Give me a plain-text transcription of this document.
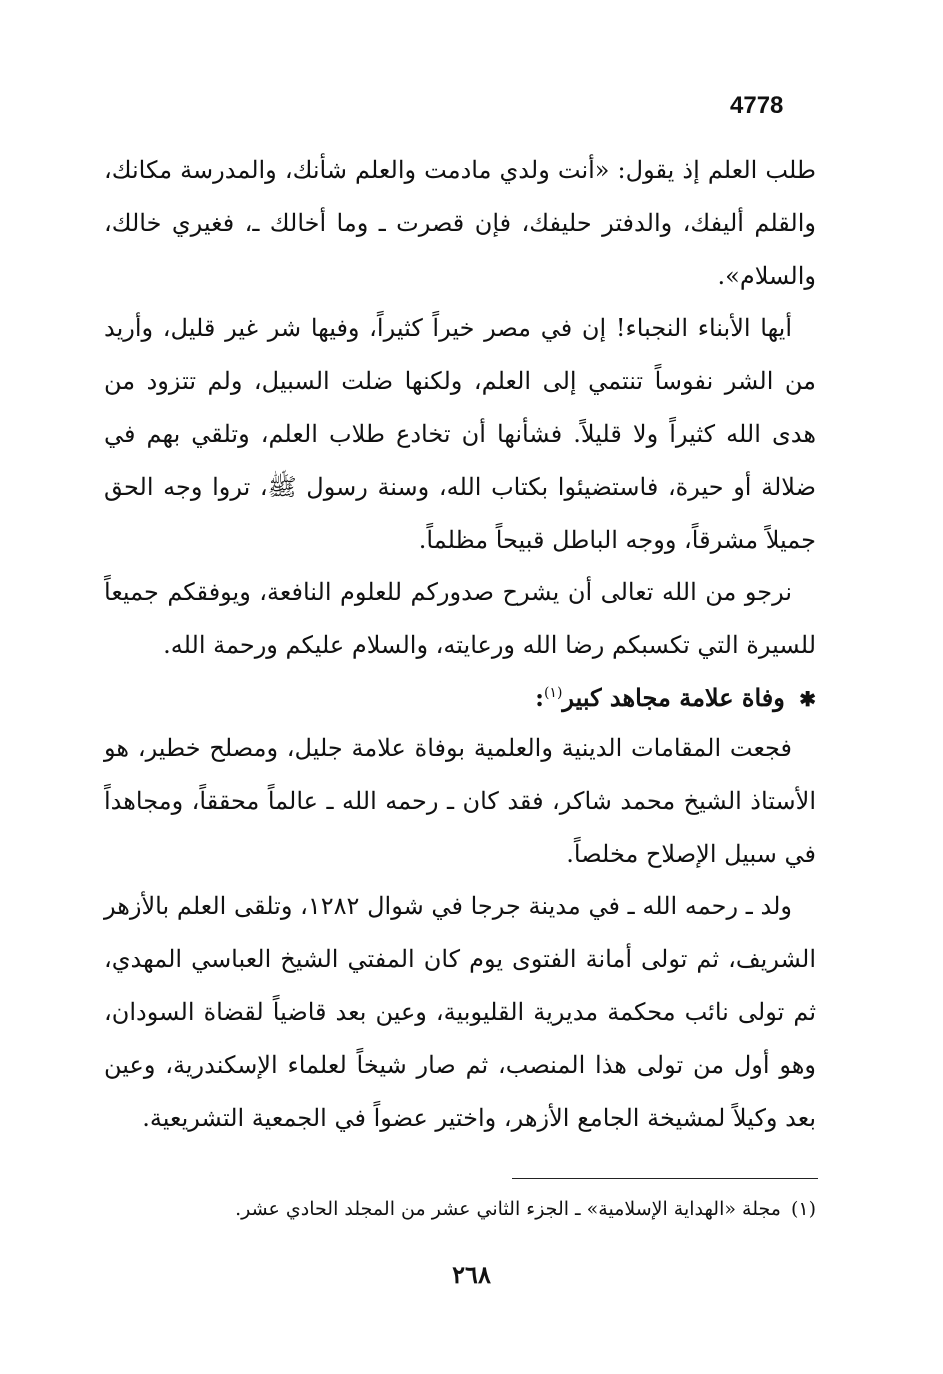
4778

طلب العلم إذ يقول: «أنت ولدي مادمت والعلم شأنك، والمدرسة مكانك، والقلم أليفك، والدفتر حليفك، فإن قصرت ـ وما أخالك ـ، فغيري خالك، والسلام».

أيها الأبناء النجباء! إن في مصر خيراً كثيراً، وفيها شر غير قليل، وأريد من الشر نفوساً تنتمي إلى العلم، ولكنها ضلت السبيل، ولم تتزود من هدى الله كثيراً ولا قليلاً. فشأنها أن تخادع طلاب العلم، وتلقي بهم في ضلالة أو حيرة، فاستضيئوا بكتاب الله، وسنة رسول ﷺ، تروا وجه الحق جميلاً مشرقاً، ووجه الباطل قبيحاً مظلماً.

نرجو من الله تعالى أن يشرح صدوركم للعلوم النافعة، ويوفقكم جميعاً للسيرة التي تكسبكم رضا الله ورعايته، والسلام عليكم ورحمة الله.

✱ وفاة علامة مجاهد كبير$^{(١)}$:

فجعت المقامات الدينية والعلمية بوفاة علامة جليل، ومصلح خطير، هو الأستاذ الشيخ محمد شاكر، فقد كان ـ رحمه الله ـ عالماً محققاً، ومجاهداً في سبيل الإصلاح مخلصاً.

ولد ـ رحمه الله ـ في مدينة جرجا في شوال ١٢٨٢، وتلقى العلم بالأزهر الشريف، ثم تولى أمانة الفتوى يوم كان المفتي الشيخ العباسي المهدي، ثم تولى نائب محكمة مديرية القليوبية، وعين بعد قاضياً لقضاة السودان، وهو أول من تولى هذا المنصب، ثم صار شيخاً لعلماء الإسكندرية، وعين بعد وكيلاً لمشيخة الجامع الأزهر، واختير عضواً في الجمعية التشريعية.

(١)مجلة «الهداية الإسلامية» ـ الجزء الثاني عشر من المجلد الحادي عشر.
٢٦٨
